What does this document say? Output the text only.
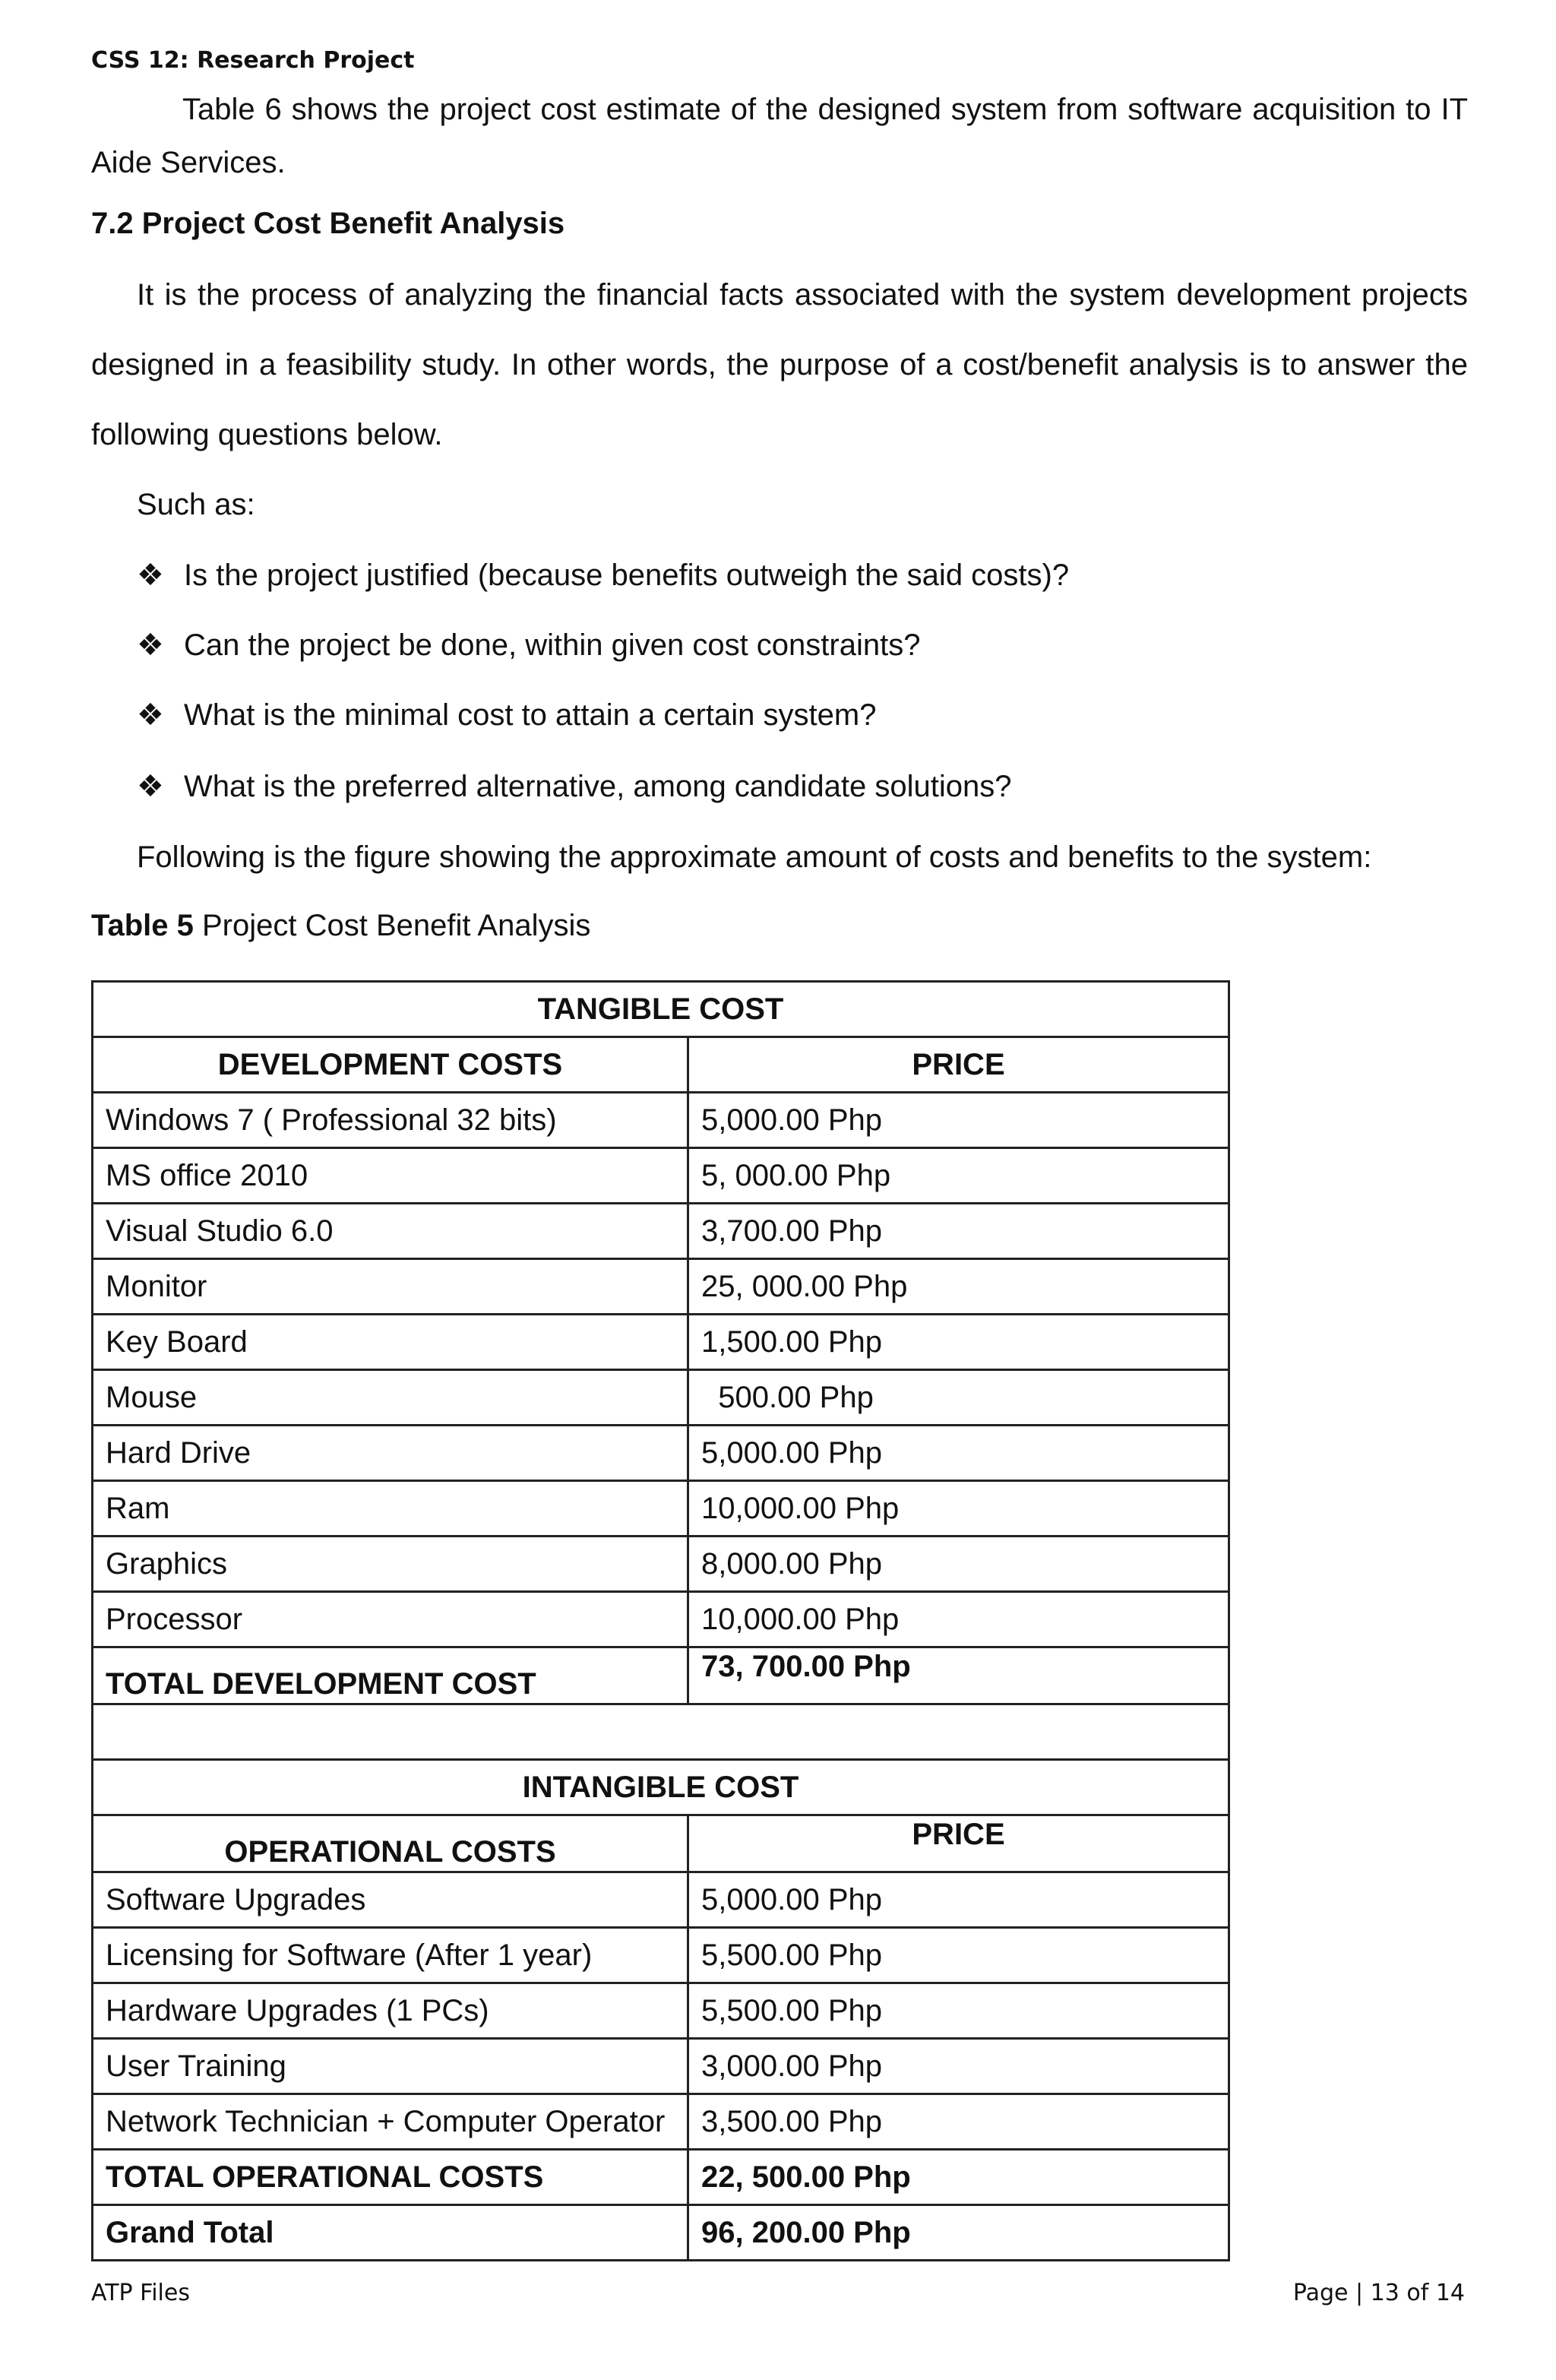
CSS 12: Research Project
Table 6 shows the project cost estimate of the designed system from software acquisition to IT
Aide Services.
7.2 Project Cost Benefit Analysis
It is the process of analyzing the financial facts associated with the system development projects
designed in a feasibility study. In other words, the purpose of a cost/benefit analysis is to answer the
following questions below.
Such as:
❖ Is the project justified (because benefits outweigh the said costs)?
❖ Can the project be done, within given cost constraints?
❖ What is the minimal cost to attain a certain system?
❖ What is the preferred alternative, among candidate solutions?
Following is the figure showing the approximate amount of costs and benefits to the system:
Table 5 Project Cost Benefit Analysis
TANGIBLE COST	
DEVELOPMENT COSTS	PRICE
Windows 7 ( Professional 32 bits)	5,000.00 Php
MS office 2010	5, 000.00 Php
Visual Studio 6.0	3,700.00 Php
Monitor	25, 000.00 Php
Key Board	1,500.00 Php
Mouse	500.00 Php
Hard Drive	5,000.00 Php
Ram	10,000.00 Php
Graphics	8,000.00 Php
Processor	10,000.00 Php
TOTAL DEVELOPMENT COST	73, 700.00 Php

INTANGIBLE COST	
OPERATIONAL COSTS	PRICE
Software Upgrades	5,000.00 Php
Licensing for Software (After 1 year)	5,500.00 Php
Hardware Upgrades (1 PCs)	5,500.00 Php
User Training	3,000.00 Php
Network Technician + Computer Operator	3,500.00 Php
TOTAL OPERATIONAL COSTS	22, 500.00 Php
Grand Total	96, 200.00 Php
ATP Files	Page | 13 of 14
